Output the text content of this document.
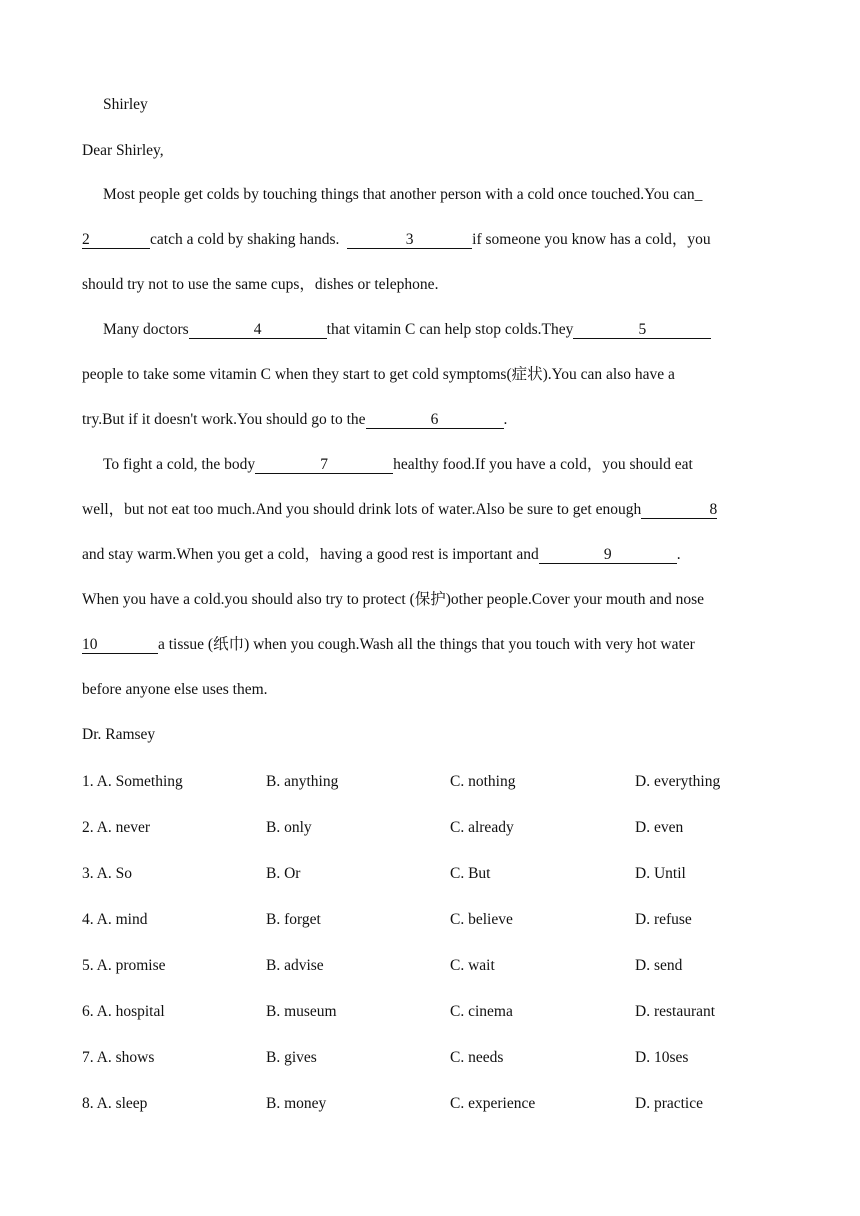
Shirley
Dear Shirley,
Most people get colds by touching things that another person with a cold once touched.You can_
2	catch a cold by shaking hands.	3	if someone you know has a cold，you
should try not to use the same cups，dishes or telephone.
Many doctors	4	that vitamin C can help stop colds.They	5
people to take some vitamin C when they start to get cold symptoms(症状).You can also have a
try.But if it doesn't work.You should go to the	6	.
To fight a cold, the body	7	healthy food.If you have a cold，you should eat
well，but not eat too much.And you should drink lots of water.Also be sure to get enough	8
and stay warm.When you get a cold，having a good rest is important and	9	.
When you have a cold.you should also try to protect (保护)other people.Cover your mouth and nose
10	a tissue (纸巾) when you cough.Wash all the things that you touch with very hot water
before anyone else uses them.
Dr. Ramsey
1. A. Something	B. anything	C. nothing	D. everything
2. A. never	B. only	C. already	D. even
3. A. So	B. Or	C. But	D. Until
4. A. mind	B. forget	C. believe	D. refuse
5. A. promise	B. advise	C. wait	D. send
6. A. hospital	B. museum	C. cinema	D. restaurant
7. A. shows	B. gives	C. needs	D. 10ses
8. A. sleep	B. money	C. experience	D. practice
